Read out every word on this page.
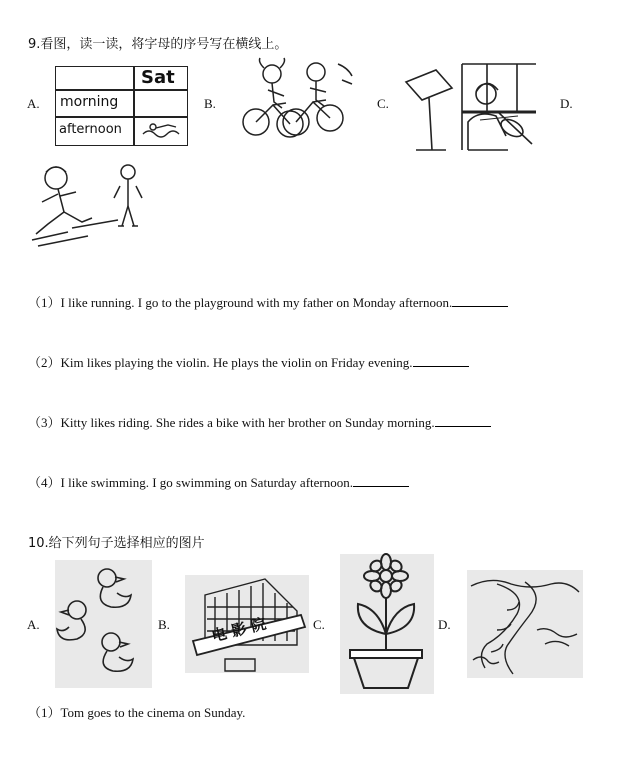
9.看图，读一读，将字母的序号写在横线上。
A.
Sat
morning
afternoon
B.	C.	D.
（1）I like running. I go to the playground with my father on Monday afternoon.
（2）Kim likes playing the violin. He plays the violin on Friday evening.
（3）Kitty likes riding. She rides a bike with her brother on Sunday morning.
（4）I like swimming. I go swimming on Saturday afternoon.
10.给下列句子选择相应的图片
A.	B.	电 影 院	C.	D.
（1）Tom goes to the cinema on Sunday.
